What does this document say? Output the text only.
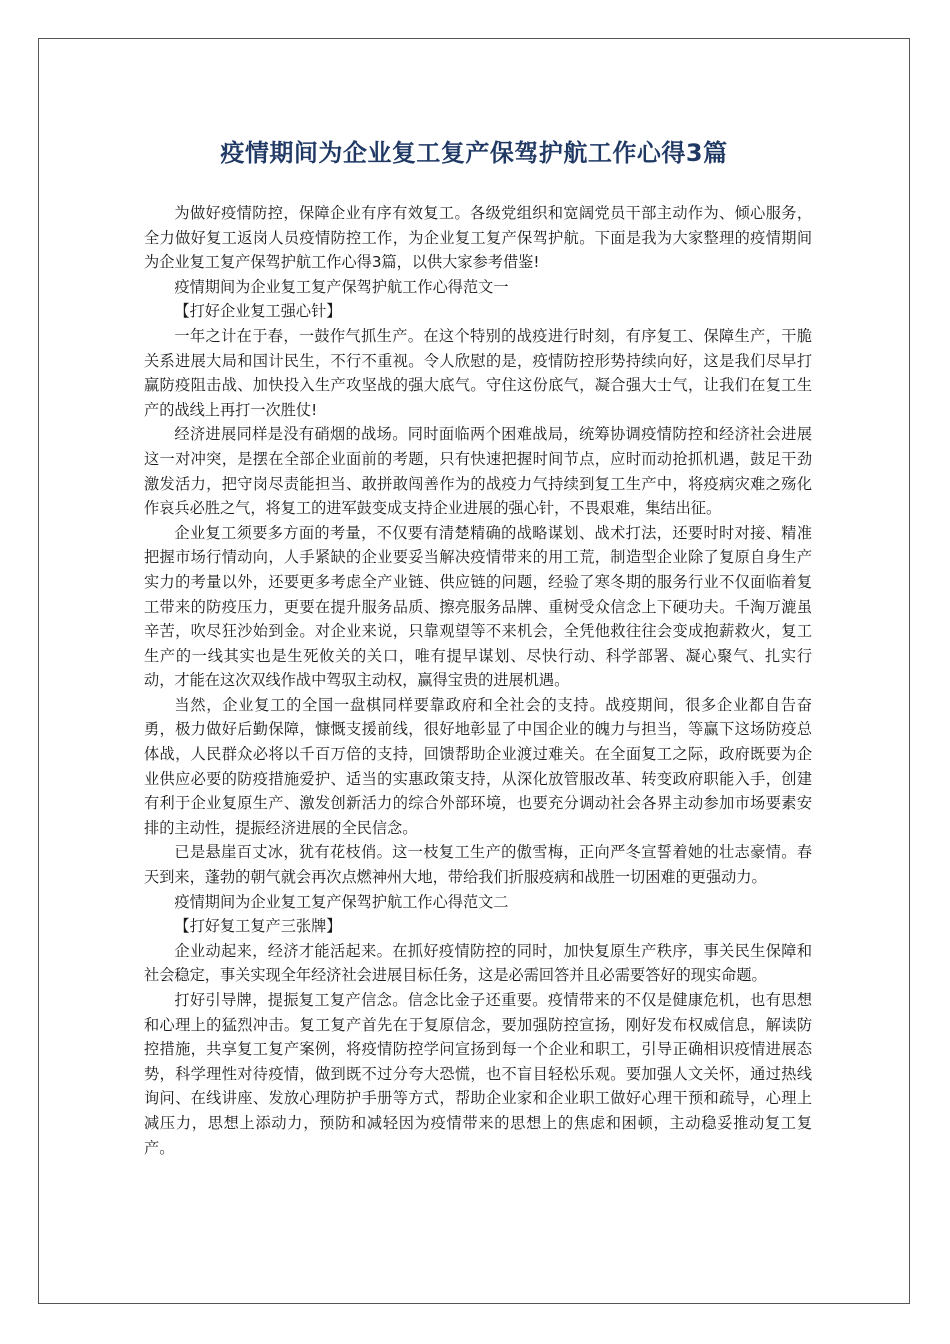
疫情期间为企业复工复产保驾护航工作心得3篇

为做好疫情防控，保障企业有序有效复工。各级党组织和宽阔党员干部主动作为、倾心服务，全力做好复工返岗人员疫情防控工作，为企业复工复产保驾护航。下面是我为大家整理的疫情期间为企业复工复产保驾护航工作心得3篇，以供大家参考借鉴!

疫情期间为企业复工复产保驾护航工作心得范文一

【打好企业复工强心针】

一年之计在于春，一鼓作气抓生产。在这个特别的战疫进行时刻，有序复工、保障生产，干脆关系进展大局和国计民生，不行不重视。令人欣慰的是，疫情防控形势持续向好，这是我们尽早打赢防疫阻击战、加快投入生产攻坚战的强大底气。守住这份底气，凝合强大士气，让我们在复工生产的战线上再打一次胜仗!

经济进展同样是没有硝烟的战场。同时面临两个困难战局，统筹协调疫情防控和经济社会进展这一对冲突，是摆在全部企业面前的考题，只有快速把握时间节点，应时而动抢抓机遇，鼓足干劲激发活力，把守岗尽责能担当、敢拼敢闯善作为的战疫力气持续到复工生产中，将疫病灾难之殇化作哀兵必胜之气，将复工的进军鼓变成支持企业进展的强心针，不畏艰难，集结出征。

企业复工须要多方面的考量，不仅要有清楚精确的战略谋划、战术打法，还要时时对接、精准把握市场行情动向，人手紧缺的企业要妥当解决疫情带来的用工荒，制造型企业除了复原自身生产实力的考量以外，还要更多考虑全产业链、供应链的问题，经验了寒冬期的服务行业不仅面临着复工带来的防疫压力，更要在提升服务品质、擦亮服务品牌、重树受众信念上下硬功夫。千淘万漉虽辛苦，吹尽狂沙始到金。对企业来说，只靠观望等不来机会，全凭他救往往会变成抱薪救火，复工生产的一线其实也是生死攸关的关口，唯有提早谋划、尽快行动、科学部署、凝心聚气、扎实行动，才能在这次双线作战中驾驭主动权，赢得宝贵的进展机遇。

当然，企业复工的全国一盘棋同样要靠政府和全社会的支持。战疫期间，很多企业都自告奋勇，极力做好后勤保障，慷慨支援前线，很好地彰显了中国企业的魄力与担当，等赢下这场防疫总体战，人民群众必将以千百万倍的支持，回馈帮助企业渡过难关。在全面复工之际，政府既要为企业供应必要的防疫措施爱护、适当的实惠政策支持，从深化放管服改革、转变政府职能入手，创建有利于企业复原生产、激发创新活力的综合外部环境，也要充分调动社会各界主动参加市场要素安排的主动性，提振经济进展的全民信念。

已是悬崖百丈冰，犹有花枝俏。这一枝复工生产的傲雪梅，正向严冬宣誓着她的壮志豪情。春天到来，蓬勃的朝气就会再次点燃神州大地，带给我们折服疫病和战胜一切困难的更强动力。

疫情期间为企业复工复产保驾护航工作心得范文二

【打好复工复产三张牌】

企业动起来，经济才能活起来。在抓好疫情防控的同时，加快复原生产秩序，事关民生保障和社会稳定，事关实现全年经济社会进展目标任务，这是必需回答并且必需要答好的现实命题。

打好引导牌，提振复工复产信念。信念比金子还重要。疫情带来的不仅是健康危机，也有思想和心理上的猛烈冲击。复工复产首先在于复原信念，要加强防控宣扬，刚好发布权威信息，解读防控措施，共享复工复产案例，将疫情防控学问宣扬到每一个企业和职工，引导正确相识疫情进展态势，科学理性对待疫情，做到既不过分夸大恐慌，也不盲目轻松乐观。要加强人文关怀，通过热线询问、在线讲座、发放心理防护手册等方式，帮助企业家和企业职工做好心理干预和疏导，心理上减压力，思想上添动力，预防和减轻因为疫情带来的思想上的焦虑和困顿，主动稳妥推动复工复产。
